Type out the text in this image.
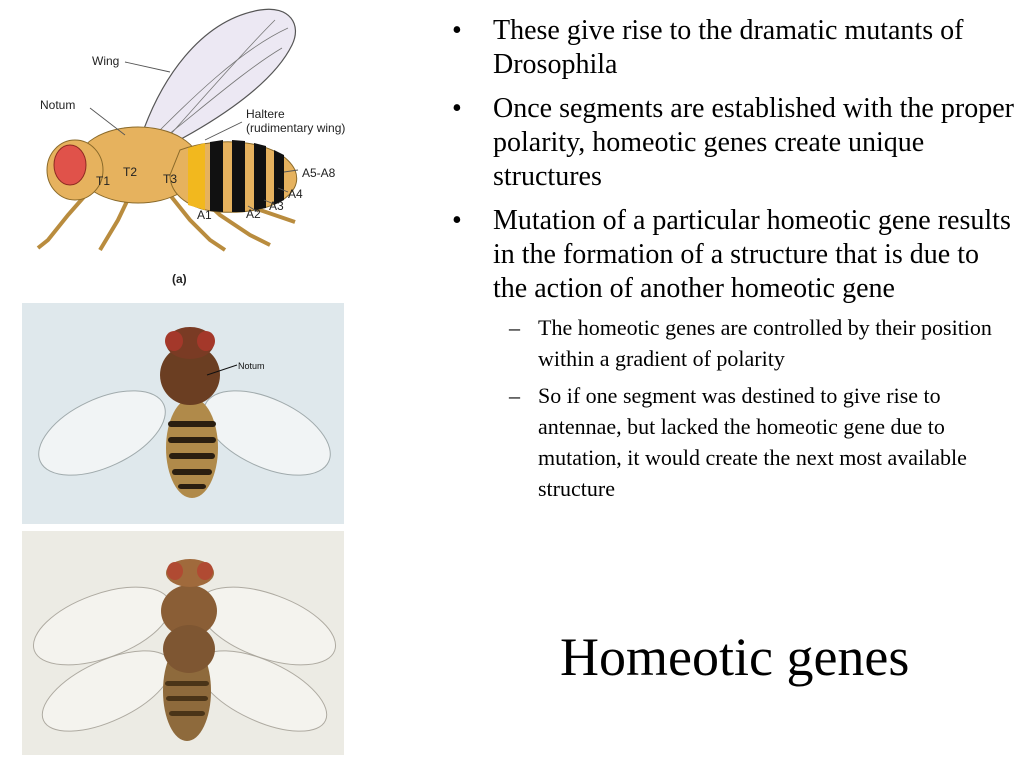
Wing
Notum
Haltere
(rudimentary wing)
T1
T2 T3
A1	A2
A3
A4
A5-A8
(a)
Notum
• These give rise to the dramatic mutants of Drosophila
• Once segments are established with the proper polarity, homeotic genes create unique structures
• Mutation of a particular homeotic gene results in the formation of a structure that is due to the action of another homeotic gene
– The homeotic genes are controlled by their position within a gradient of polarity
– So if one segment was destined to give rise to antennae, but lacked the homeotic gene due to mutation, it would create the next most available structure
Homeotic genes
